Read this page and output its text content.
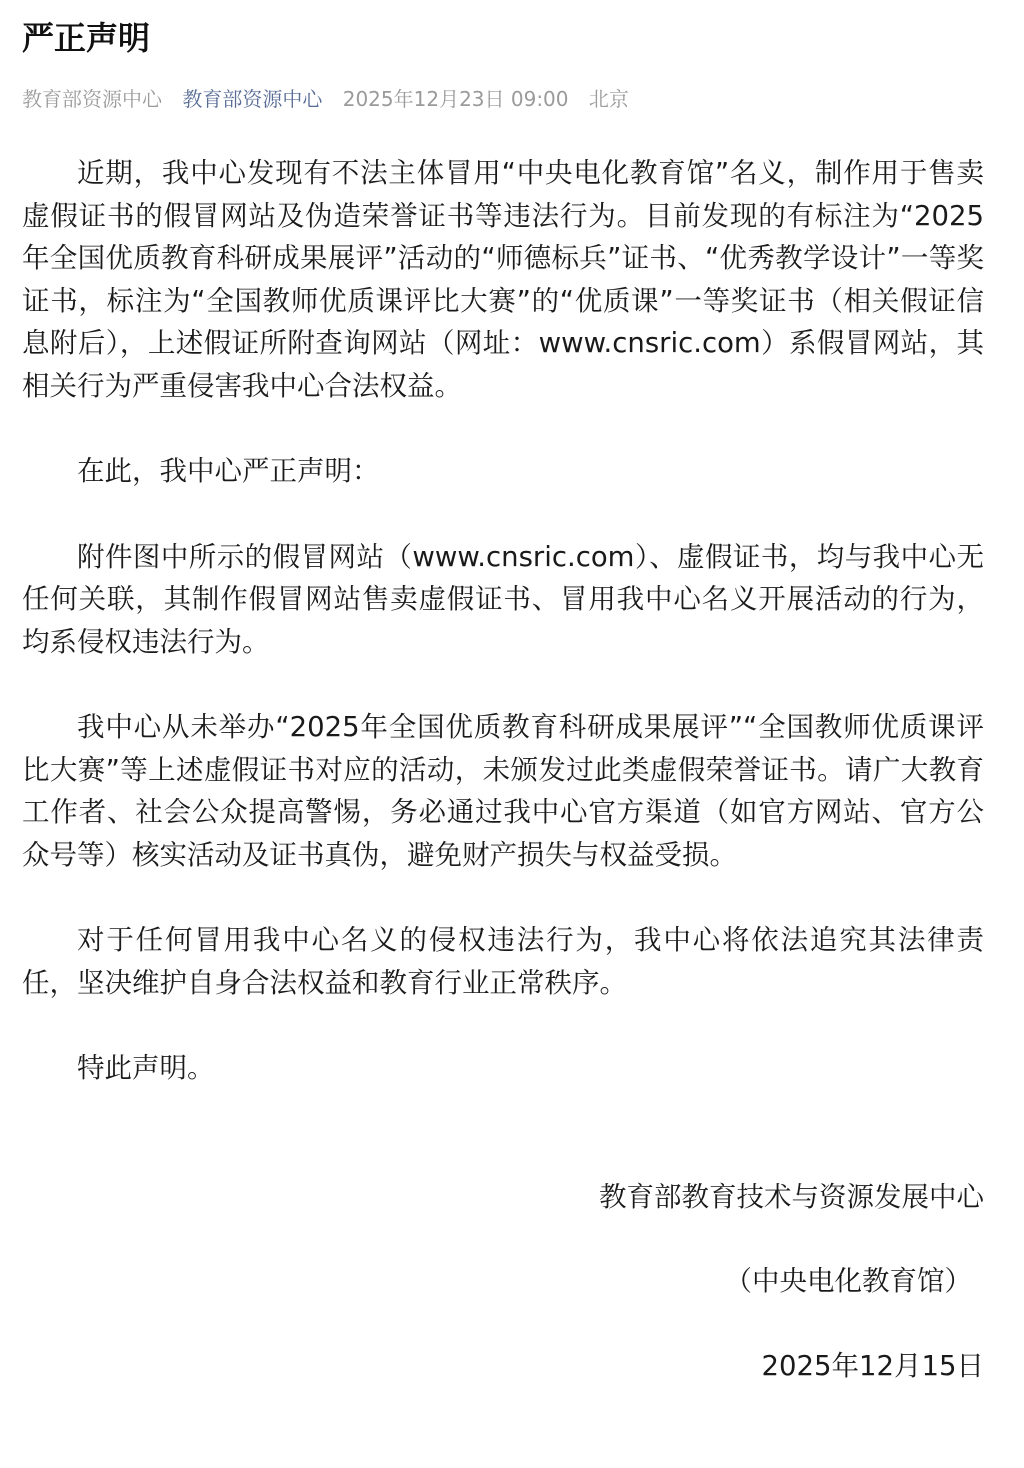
严正声明
教育部资源中心 教育部资源中心 2025年12月23日 09:00 北京

近期，我中心发现有不法主体冒用“中央电化教育馆”名义，制作用于售卖虚假证书的假冒网站及伪造荣誉证书等违法行为。目前发现的有标注为“2025年全国优质教育科研成果展评”活动的“师德标兵”证书、“优秀教学设计”一等奖证书，标注为“全国教师优质课评比大赛”的“优质课”一等奖证书（相关假证信息附后），上述假证所附查询网站（网址：www.cnsric.com）系假冒网站，其相关行为严重侵害我中心合法权益。

在此，我中心严正声明：

附件图中所示的假冒网站（www.cnsric.com）、虚假证书，均与我中心无任何关联，其制作假冒网站售卖虚假证书、冒用我中心名义开展活动的行为，均系侵权违法行为。

我中心从未举办“2025年全国优质教育科研成果展评”“全国教师优质课评比大赛”等上述虚假证书对应的活动，未颁发过此类虚假荣誉证书。请广大教育工作者、社会公众提高警惕，务必通过我中心官方渠道（如官方网站、官方公众号等）核实活动及证书真伪，避免财产损失与权益受损。

对于任何冒用我中心名义的侵权违法行为，我中心将依法追究其法律责任，坚决维护自身合法权益和教育行业正常秩序。

特此声明。

教育部教育技术与资源发展中心
（中央电化教育馆）
2025年12月15日
